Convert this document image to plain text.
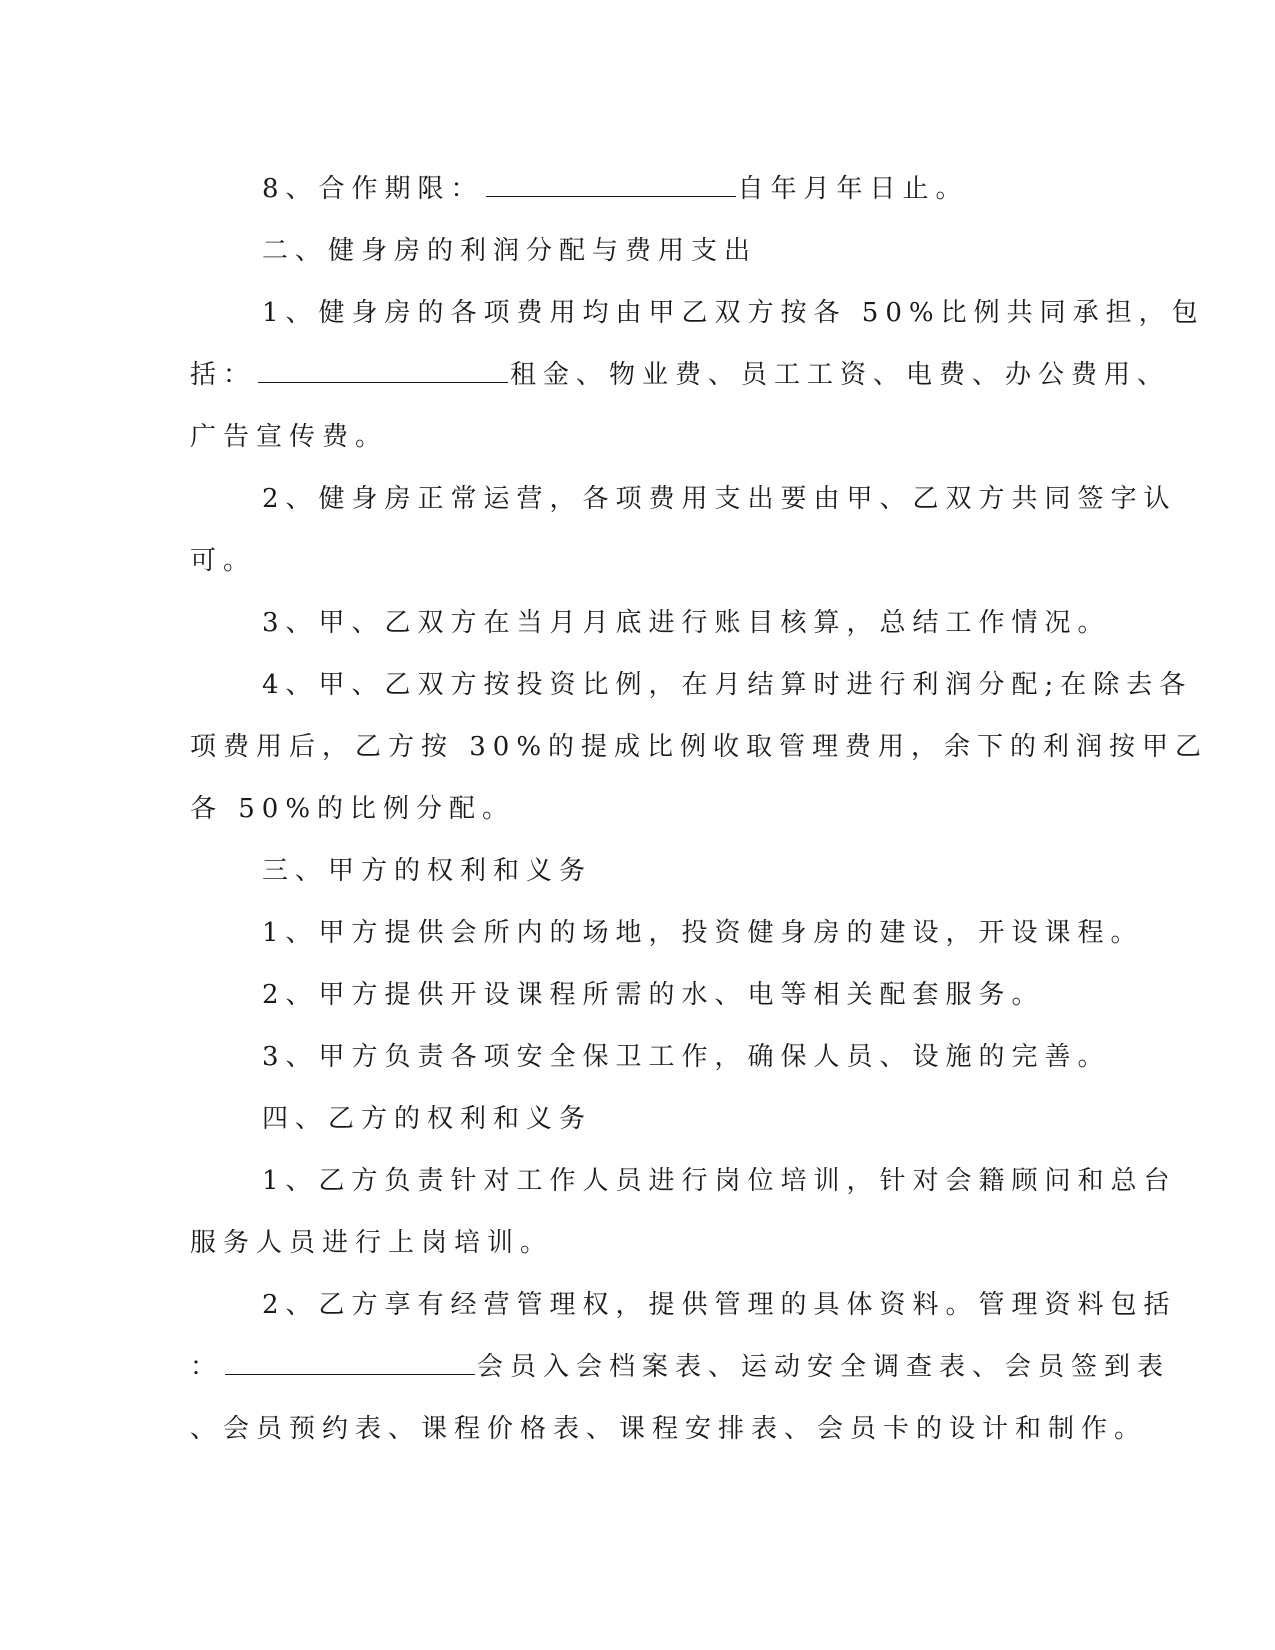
8、合作期限：	自年月年日止。
二、健身房的利润分配与费用支出
1、健身房的各项费用均由甲乙双方按各 50%比例共同承担，包
括：	租金、物业费、员工工资、电费、办公费用、
广告宣传费。
2、健身房正常运营，各项费用支出要由甲、乙双方共同签字认
可。
3、甲、乙双方在当月月底进行账目核算，总结工作情况。
4、甲、乙双方按投资比例，在月结算时进行利润分配;在除去各
项费用后，乙方按 30%的提成比例收取管理费用，余下的利润按甲乙
各 50%的比例分配。
三、甲方的权利和义务
1、甲方提供会所内的场地，投资健身房的建设，开设课程。
2、甲方提供开设课程所需的水、电等相关配套服务。
3、甲方负责各项安全保卫工作，确保人员、设施的完善。
四、乙方的权利和义务
1、乙方负责针对工作人员进行岗位培训，针对会籍顾问和总台
服务人员进行上岗培训。
2、乙方享有经营管理权，提供管理的具体资料。管理资料包括
：	会员入会档案表、运动安全调查表、会员签到表
、会员预约表、课程价格表、课程安排表、会员卡的设计和制作。
